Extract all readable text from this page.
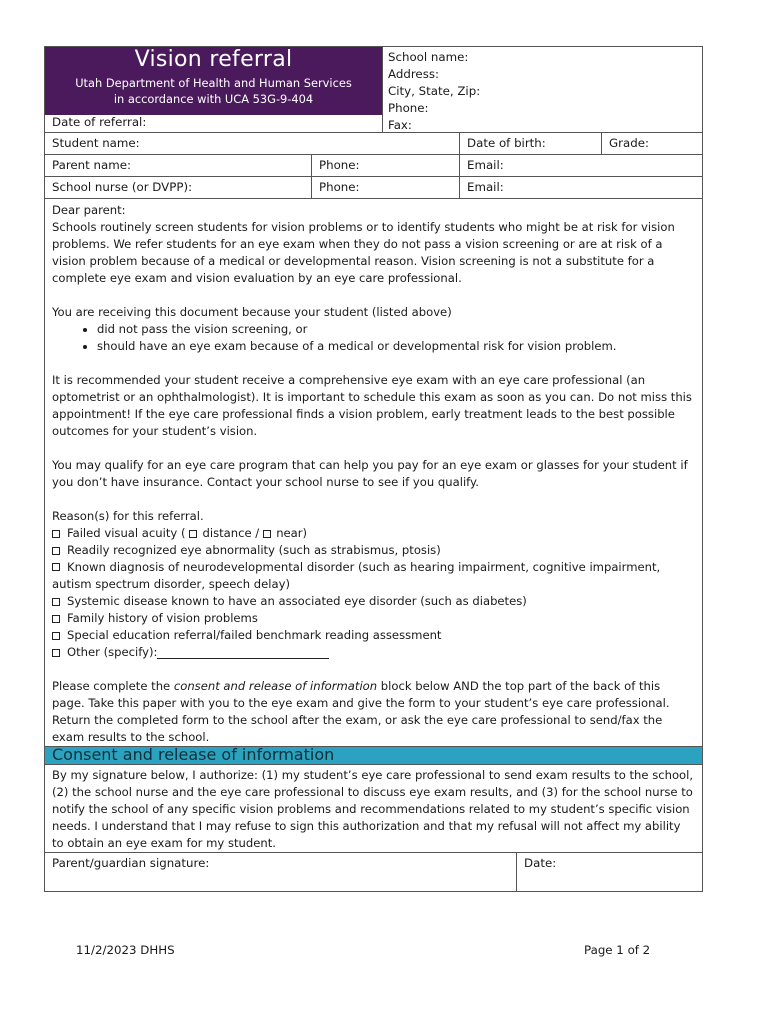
Vision referral
Utah Department of Health and Human Services
in accordance with UCA 53G-9-404
Date of referral:
School name:
Address:
City, State, Zip:
Phone:
Fax:
Student name:	Date of birth:	Grade:
Parent name:	Phone:	Email:
School nurse (or DVPP):	Phone:	Email:

Dear parent:

Schools routinely screen students for vision problems or to identify students who might be at risk for vision problems. We refer students for an eye exam when they do not pass a vision screening or are at risk of a vision problem because of a medical or developmental reason. Vision screening is not a substitute for a complete eye exam and vision evaluation by an eye care professional.

You are receiving this document because your student (listed above)

• did not pass the vision screening, or
• should have an eye exam because of a medical or developmental risk for vision problem.

It is recommended your student receive a comprehensive eye exam with an eye care professional (an optometrist or an ophthalmologist). It is important to schedule this exam as soon as you can. Do not miss this appointment! If the eye care professional finds a vision problem, early treatment leads to the best possible outcomes for your student’s vision.

You may qualify for an eye care program that can help you pay for an eye exam or glasses for your student if you don’t have insurance. Contact your school nurse to see if you qualify.

Reason(s) for this referral.

Failed visual acuity ( distance / near)
Readily recognized eye abnormality (such as strabismus, ptosis)
Known diagnosis of neurodevelopmental disorder (such as hearing impairment, cognitive impairment, autism spectrum disorder, speech delay)
Systemic disease known to have an associated eye disorder (such as diabetes)
Family history of vision problems
Special education referral/failed benchmark reading assessment
Other (specify):

Please complete the consent and release of information block below AND the top part of the back of this page. Take this paper with you to the eye exam and give the form to your student’s eye care professional. Return the completed form to the school after the exam, or ask the eye care professional to send/fax the exam results to the school.

Consent and release of information
By my signature below, I authorize: (1) my student’s eye care professional to send exam results to the school, (2) the school nurse and the eye care professional to discuss eye exam results, and (3) for the school nurse to notify the school of any specific vision problems and recommendations related to my student’s specific vision needs. I understand that I may refuse to sign this authorization and that my refusal will not affect my ability to obtain an eye exam for my student.
Parent/guardian signature:	Date:
11/2/2023 DHHS	Page 1 of 2
